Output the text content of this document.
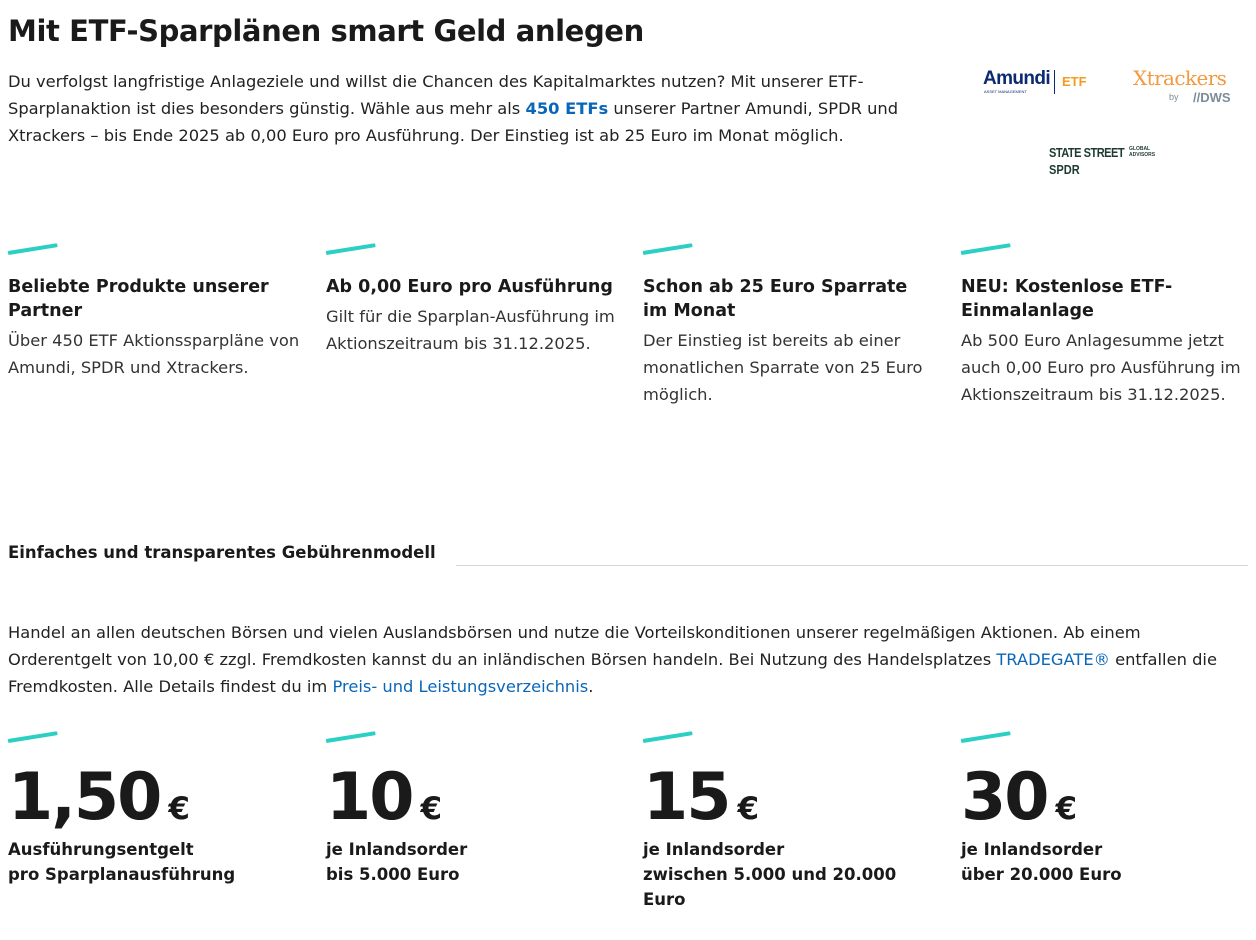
Mit ETF-Sparplänen smart Geld anlegen

Du verfolgst langfristige Anlageziele und willst die Chancen des Kapitalmarktes nutzen? Mit unserer ETF-Sparplanaktion ist dies besonders günstig. Wähle aus mehr als 450 ETFs unserer Partner Amundi, SPDR und Xtrackers – bis Ende 2025 ab 0,00 Euro pro Ausführung. Der Einstieg ist ab 25 Euro im Monat möglich.

Amundi
ASSET MANAGEMENT
ETF Xtrackers
by //DWS
STATE STREET GLOBAL
ADVISORS
SPDR
Beliebte Produkte unserer Partner

Über 450 ETF Aktionssparpläne von Amundi, SPDR und Xtrackers.

Ab 0,00 Euro pro Ausführung

Gilt für die Sparplan-Ausführung im Aktionszeitraum bis 31.12.2025.

Schon ab 25 Euro Sparrate im Monat

Der Einstieg ist bereits ab einer monatlichen Sparrate von 25 Euro möglich.

NEU: Kostenlose ETF-Einmalanlage

Ab 500 Euro Anlagesumme jetzt auch 0,00 Euro pro Ausführung im Aktionszeitraum bis 31.12.2025.

Einfaches und transparentes Gebührenmodell

Handel an allen deutschen Börsen und vielen Auslandsbörsen und nutze die Vorteilskonditionen unserer regelmäßigen Aktionen. Ab einem Orderentgelt von 10,00 € zzgl. Fremdkosten kannst du an inländischen Börsen handeln. Bei Nutzung des Handelsplatzes TRADEGATE® entfallen die Fremdkosten. Alle Details findest du im Preis- und Leistungsverzeichnis.

1,50 €

Ausführungsentgelt
pro Sparplanausführung

10 €

je Inlandsorder
bis 5.000 Euro

15 €

je Inlandsorder
zwischen 5.000 und 20.000 Euro

30 €

je Inlandsorder
über 20.000 Euro
